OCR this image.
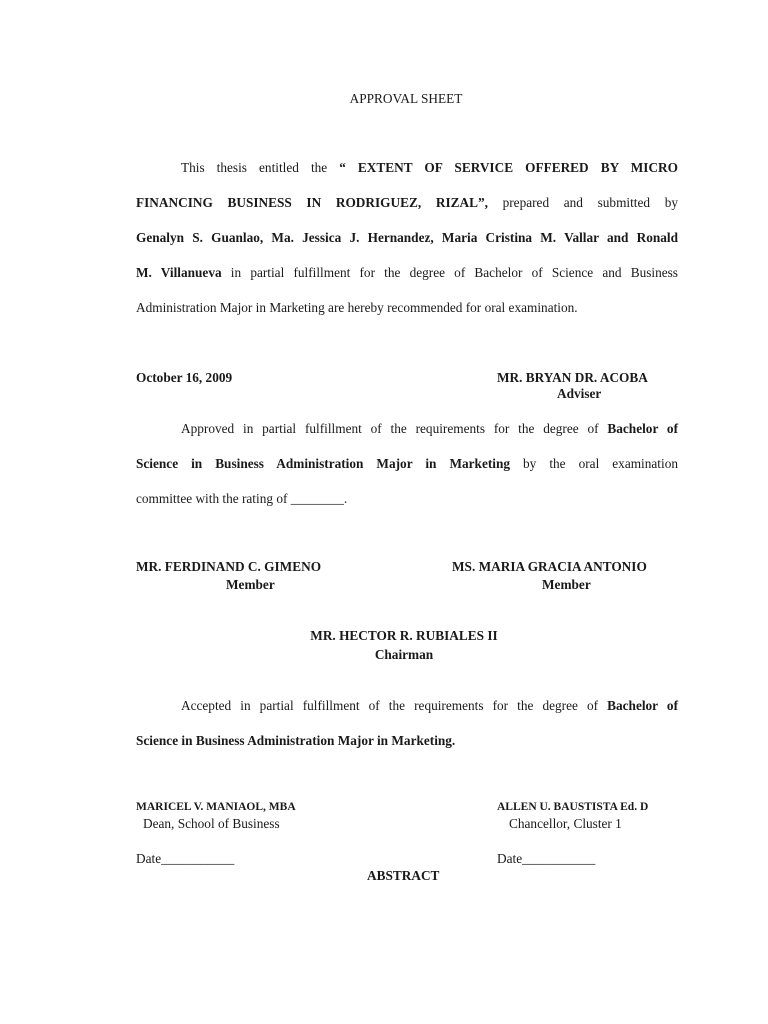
APPROVAL SHEET
This thesis entitled the “ EXTENT OF SERVICE OFFERED BY MICRO
FINANCING BUSINESS IN RODRIGUEZ, RIZAL”, prepared and submitted by
Genalyn S. Guanlao, Ma. Jessica J. Hernandez, Maria Cristina M. Vallar and Ronald
M. Villanueva in partial fulfillment for the degree of Bachelor of Science and Business
Administration Major in Marketing are hereby recommended for oral examination.
October 16, 2009	MR. BRYAN DR. ACOBA
Adviser
Approved in partial fulfillment of the requirements for the degree of Bachelor of
Science in Business Administration Major in Marketing by the oral examination
committee with the rating of ________.
MR. FERDINAND C. GIMENO
Member
MS. MARIA GRACIA ANTONIO
Member
MR. HECTOR R. RUBIALES II
Chairman
Accepted in partial fulfillment of the requirements for the degree of Bachelor of
Science in Business Administration Major in Marketing.
MARICEL V. MANIAOL, MBA
Dean, School of Business
Date___________
ALLEN U. BAUSTISTA Ed. D
Chancellor, Cluster 1
Date___________
ABSTRACT
